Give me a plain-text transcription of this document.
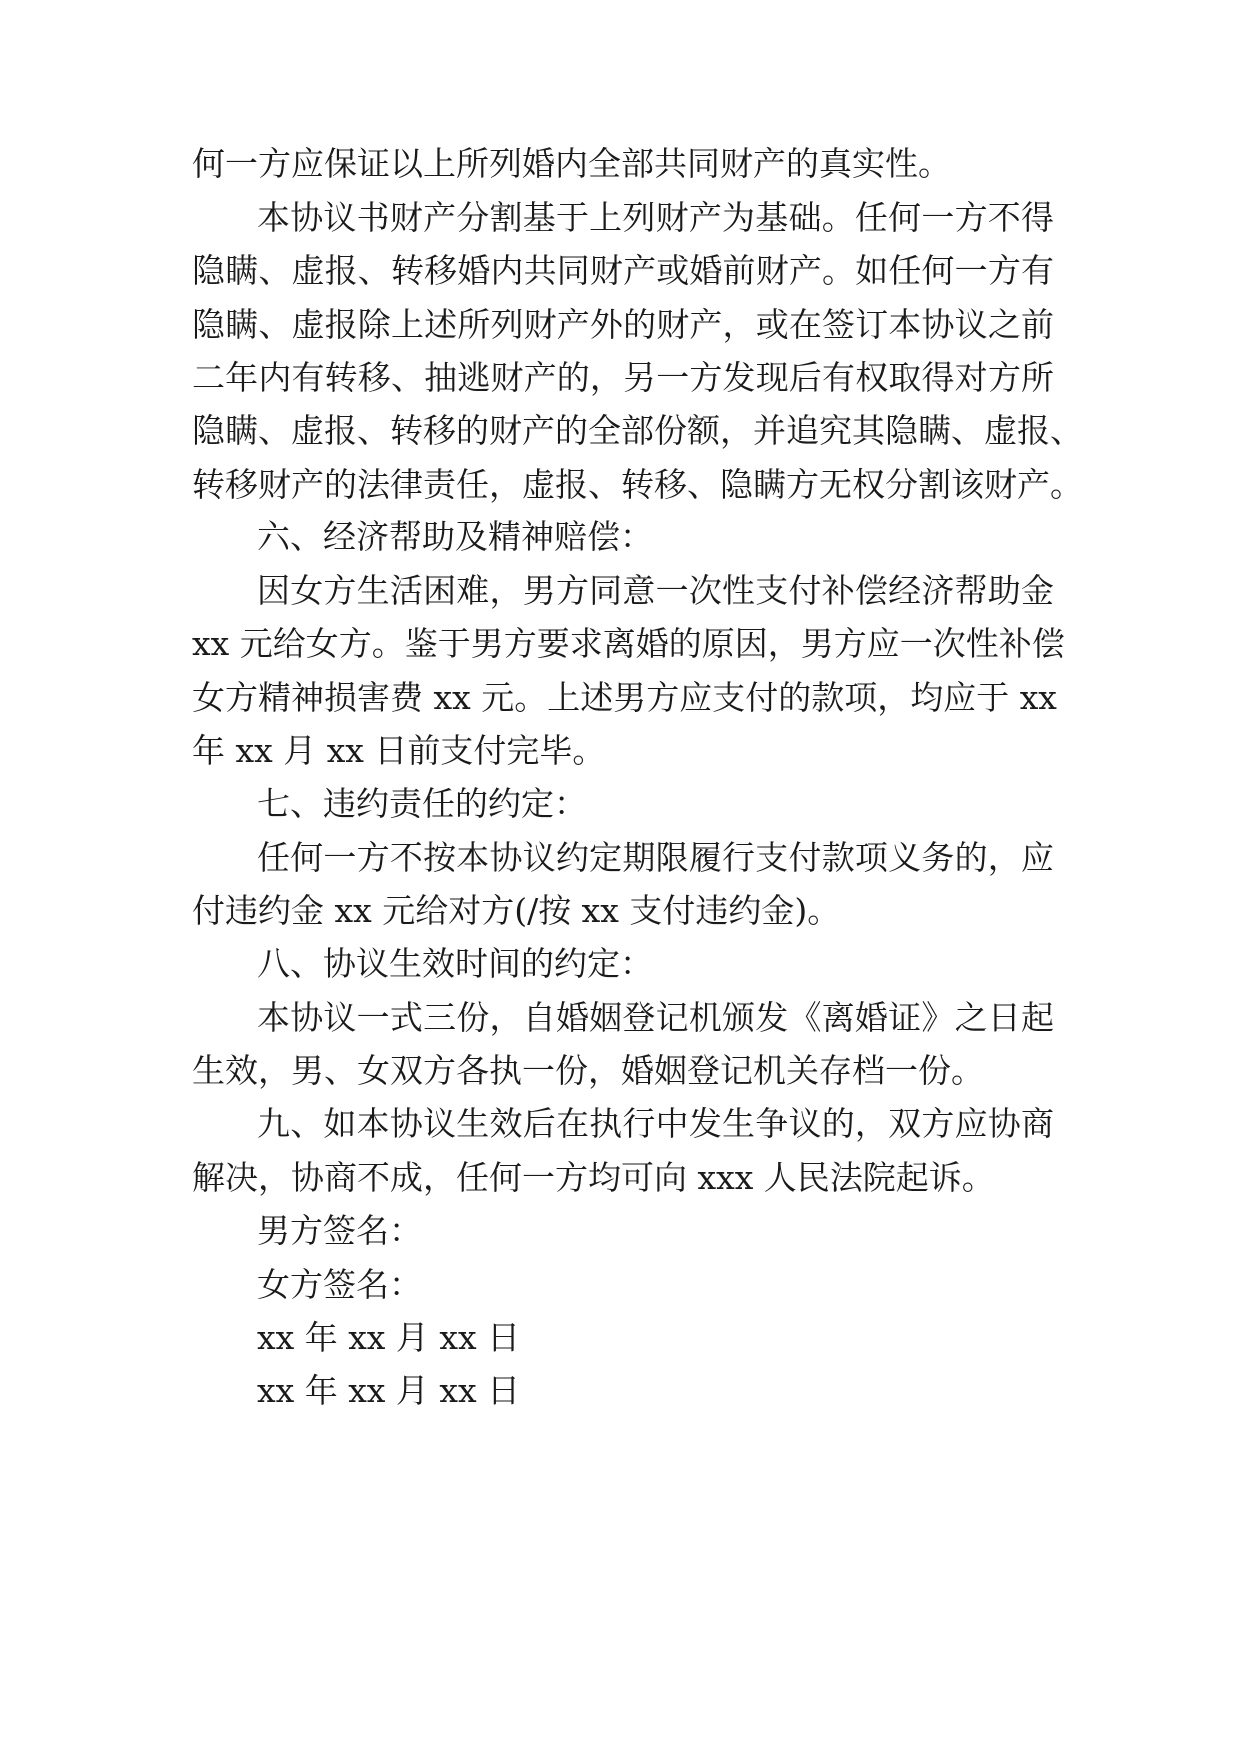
何一方应保证以上所列婚内全部共同财产的真实性。
本协议书财产分割基于上列财产为基础。任何一方不得
隐瞒、虚报、转移婚内共同财产或婚前财产。如任何一方有
隐瞒、虚报除上述所列财产外的财产，或在签订本协议之前
二年内有转移、抽逃财产的，另一方发现后有权取得对方所
隐瞒、虚报、转移的财产的全部份额，并追究其隐瞒、虚报、
转移财产的法律责任，虚报、转移、隐瞒方无权分割该财产。
六、经济帮助及精神赔偿：
因女方生活困难，男方同意一次性支付补偿经济帮助金
xx 元给女方。鉴于男方要求离婚的原因，男方应一次性补偿
女方精神损害费 xx 元。上述男方应支付的款项，均应于 xx
年 xx 月 xx 日前支付完毕。
七、违约责任的约定：
任何一方不按本协议约定期限履行支付款项义务的，应
付违约金 xx 元给对方(/按 xx 支付违约金)。
八、协议生效时间的约定：
本协议一式三份，自婚姻登记机颁发《离婚证》之日起
生效，男、女双方各执一份，婚姻登记机关存档一份。
九、如本协议生效后在执行中发生争议的，双方应协商
解决，协商不成，任何一方均可向 xxx 人民法院起诉。
男方签名：
女方签名：
xx 年 xx 月 xx 日
xx 年 xx 月 xx 日
